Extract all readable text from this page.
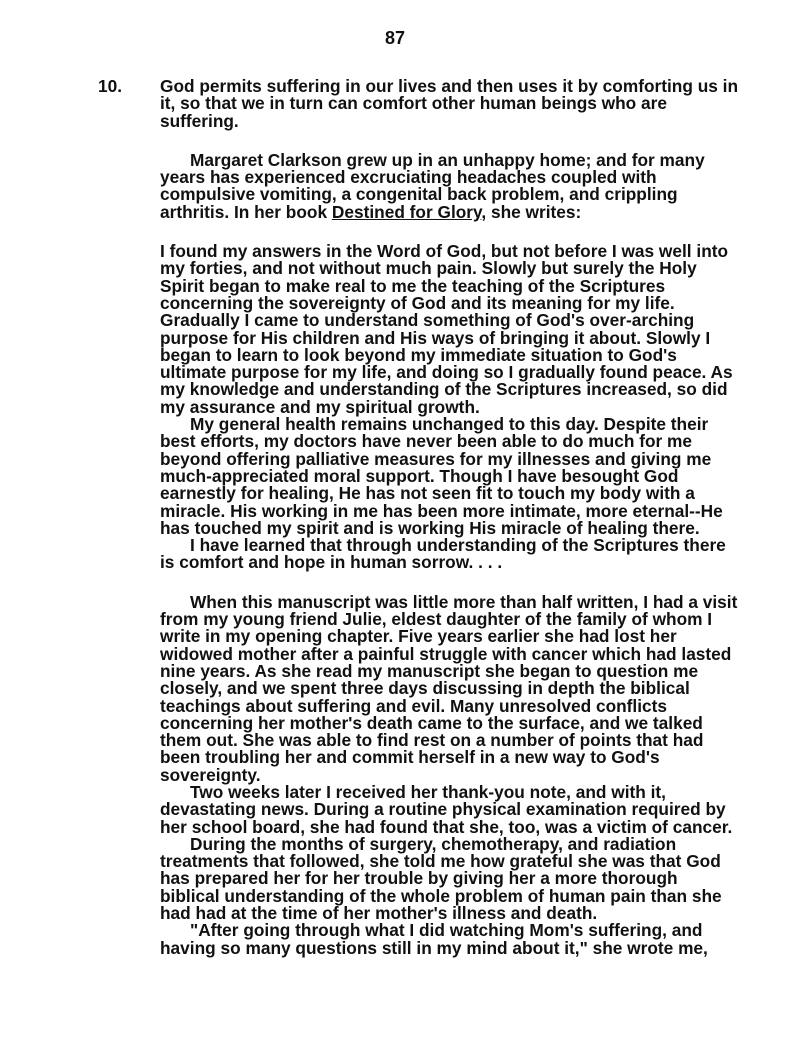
87
10. God permits suffering in our lives and then uses it by comforting us in it, so that we in turn can comfort other human beings who are suffering.

Margaret Clarkson grew up in an unhappy home; and for many years has experienced excruciating headaches coupled with compulsive vomiting, a congenital back problem, and crippling arthritis. In her book Destined for Glory, she writes:

I found my answers in the Word of God, but not before I was well into my forties, and not without much pain. Slowly but surely the Holy Spirit began to make real to me the teaching of the Scriptures concerning the sovereignty of God and its meaning for my life. Gradually I came to understand something of God's over-arching purpose for His children and His ways of bringing it about. Slowly I began to learn to look beyond my immediate situation to God's ultimate purpose for my life, and doing so I gradually found peace. As my knowledge and understanding of the Scriptures increased, so did my assurance and my spiritual growth.

My general health remains unchanged to this day. Despite their best efforts, my doctors have never been able to do much for me beyond offering palliative measures for my illnesses and giving me much-appreciated moral support. Though I have besought God earnestly for healing, He has not seen fit to touch my body with a miracle. His working in me has been more intimate, more eternal--He has touched my spirit and is working His miracle of healing there.

I have learned that through understanding of the Scriptures there is comfort and hope in human sorrow. . . .

When this manuscript was little more than half written, I had a visit from my young friend Julie, eldest daughter of the family of whom I write in my opening chapter. Five years earlier she had lost her widowed mother after a painful struggle with cancer which had lasted nine years. As she read my manuscript she began to question me closely, and we spent three days discussing in depth the biblical teachings about suffering and evil. Many unresolved conflicts concerning her mother's death came to the surface, and we talked them out. She was able to find rest on a number of points that had been troubling her and commit herself in a new way to God's sovereignty.

Two weeks later I received her thank-you note, and with it, devastating news. During a routine physical examination required by her school board, she had found that she, too, was a victim of cancer.

During the months of surgery, chemotherapy, and radiation treatments that followed, she told me how grateful she was that God has prepared her for her trouble by giving her a more thorough biblical understanding of the whole problem of human pain than she had had at the time of her mother's illness and death.

"After going through what I did watching Mom's suffering, and having so many questions still in my mind about it," she wrote me,
